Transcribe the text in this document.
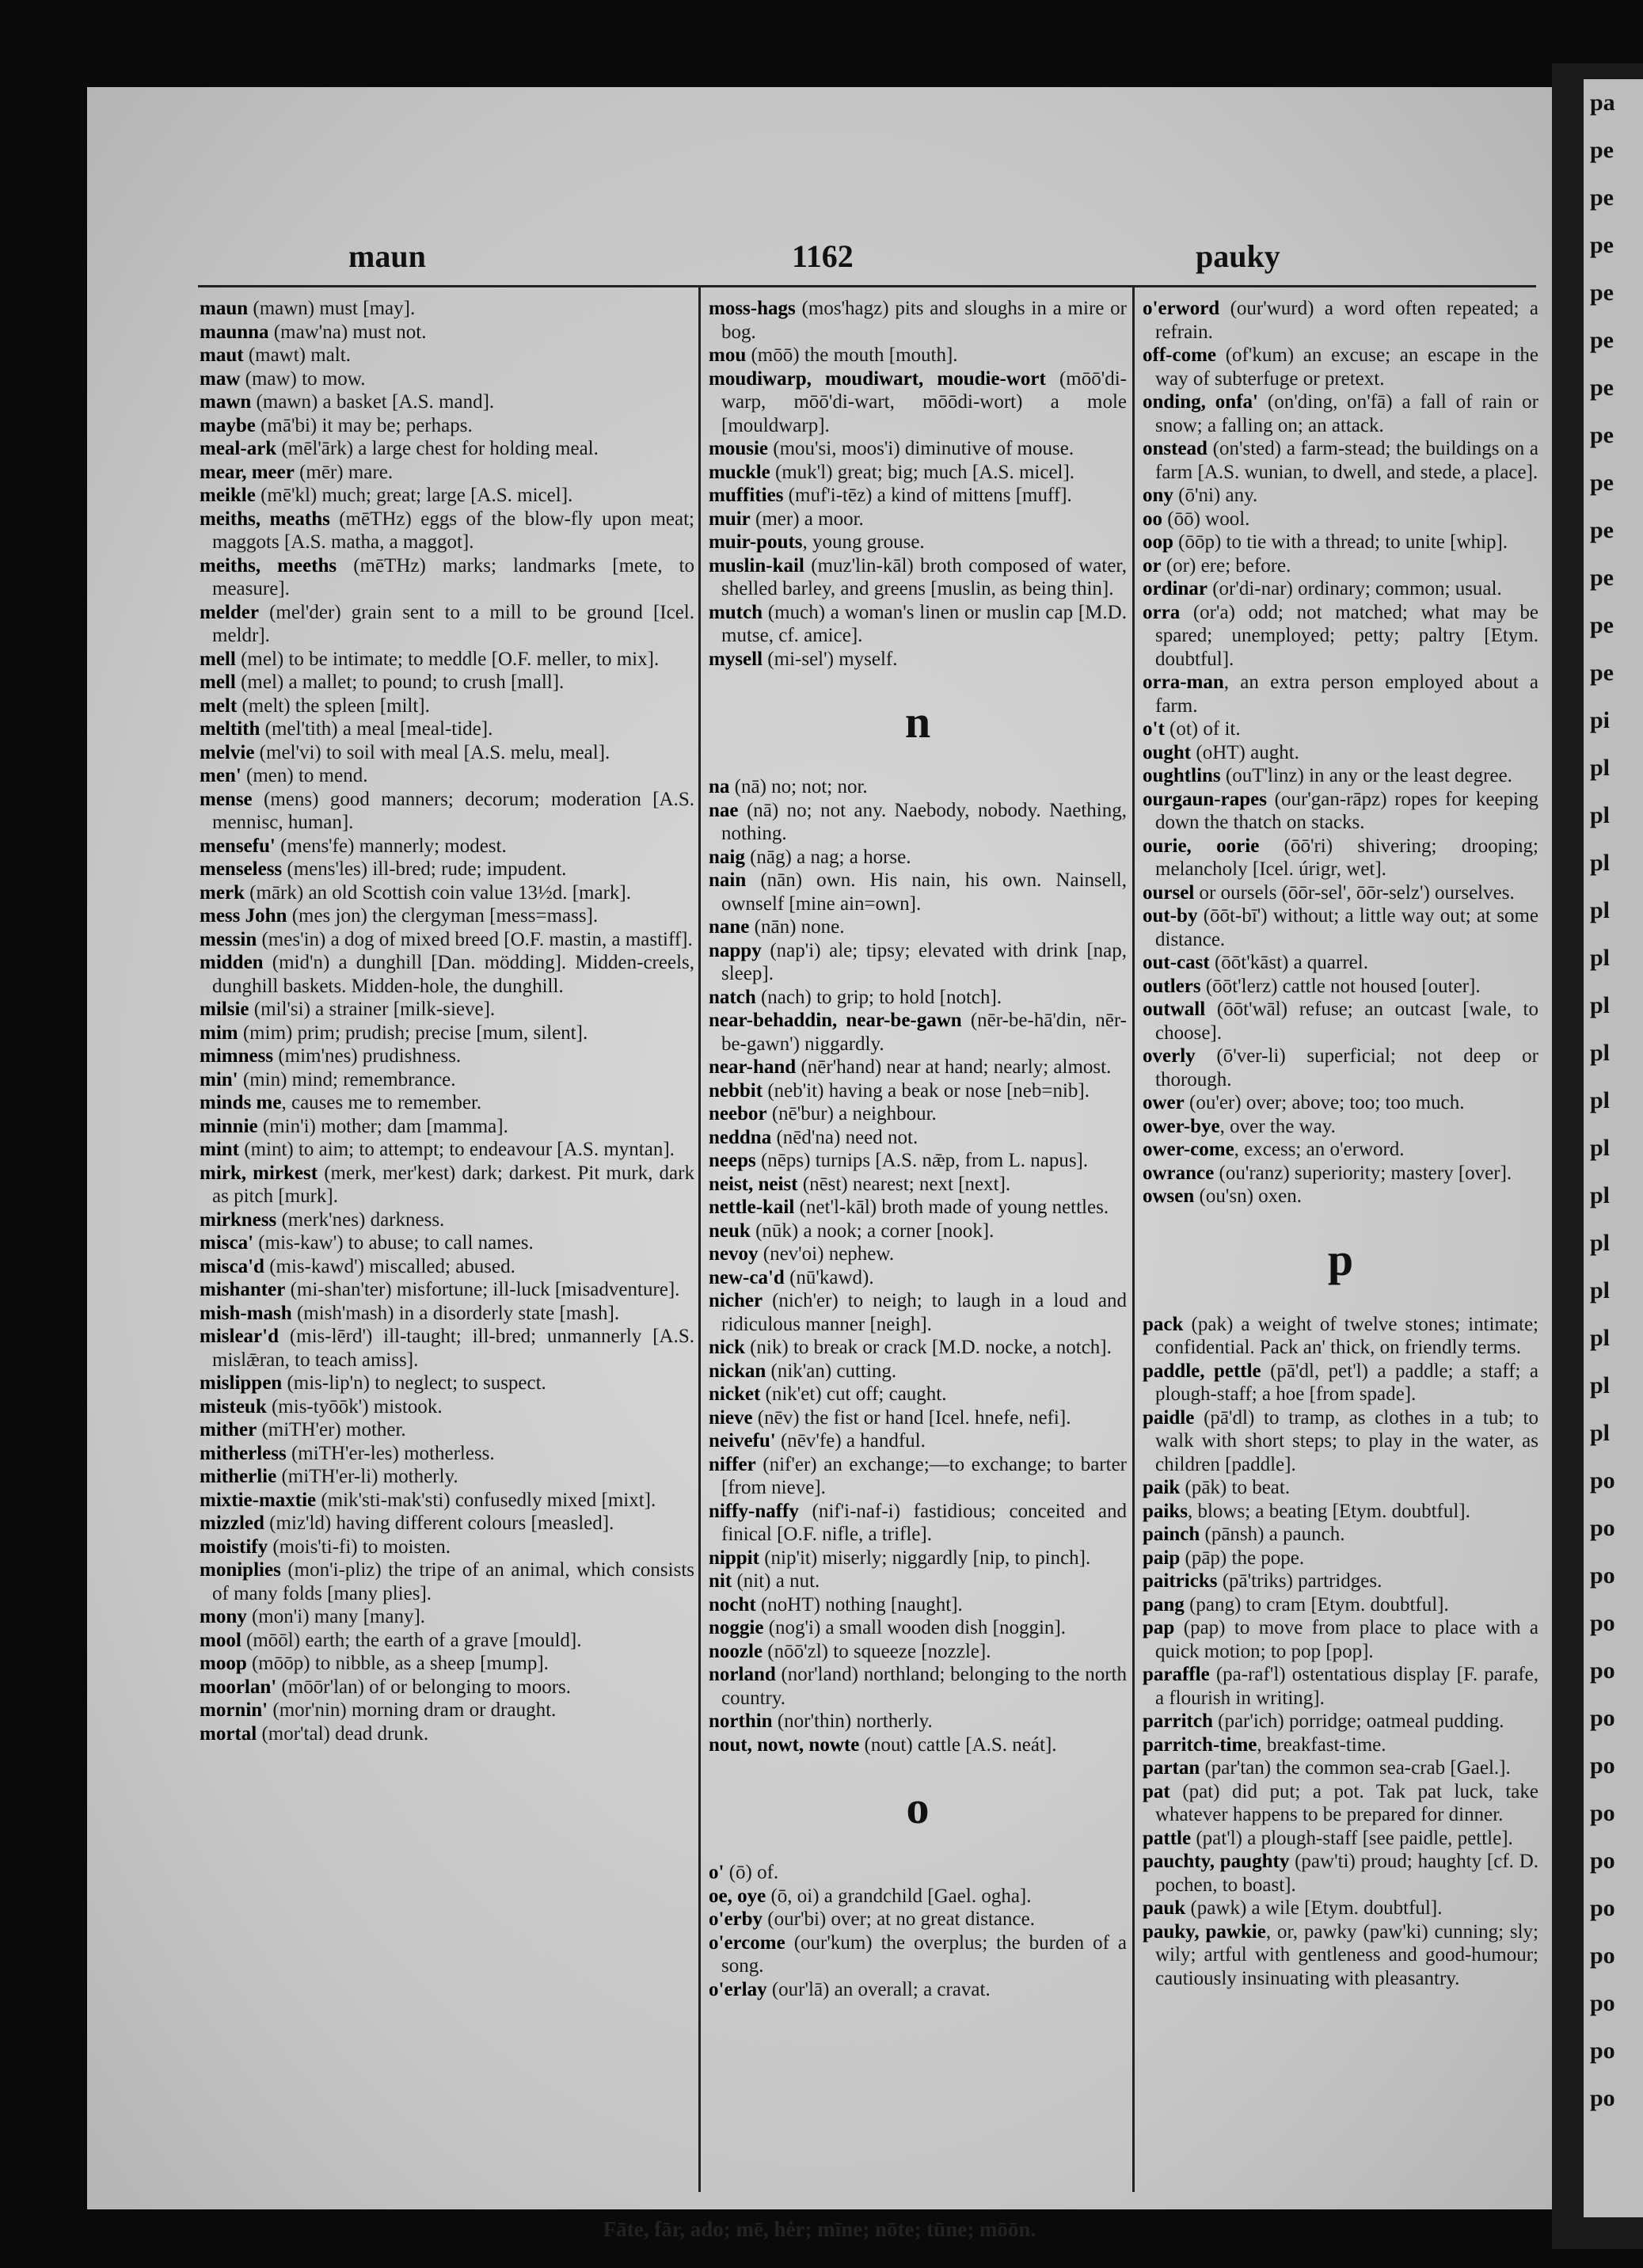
pa
pe
pe
pe
pe
pe
pe
pe
pe
pe
pe
pe
pe
pi
pl
pl
pl
pl
pl
pl
pl
pl
pl
pl
pl
pl
pl
pl
pl
po
po
po
po
po
po
po
po
po
po
po
po
po
po
maun	1162	pauky
maun (mawn) must [may].
maunna (maw'na) must not.
maut (mawt) malt.
maw (maw) to mow.
mawn (mawn) a basket [A.S. mand].
maybe (mā'bi) it may be; perhaps.
meal-ark (mēl'ārk) a large chest for holding meal.
mear, meer (mēr) mare.
meikle (mē'kl) much; great; large [A.S. micel].
meiths, meaths (mēTHz) eggs of the blow-fly upon meat; maggots [A.S. matha, a maggot].
meiths, meeths (mēTHz) marks; landmarks [mete, to measure].
melder (mel'der) grain sent to a mill to be ground [Icel. meldr].
mell (mel) to be intimate; to meddle [O.F. meller, to mix].
mell (mel) a mallet; to pound; to crush [mall].
melt (melt) the spleen [milt].
meltith (mel'tith) a meal [meal-tide].
melvie (mel'vi) to soil with meal [A.S. melu, meal].
men' (men) to mend.
mense (mens) good manners; decorum; moderation [A.S. mennisc, human].
mensefu' (mens'fe) mannerly; modest.
menseless (mens'les) ill-bred; rude; impudent.
merk (mārk) an old Scottish coin value 13½d. [mark].
mess John (mes jon) the clergyman [mess=mass].
messin (mes'in) a dog of mixed breed [O.F. mastin, a mastiff].
midden (mid'n) a dunghill [Dan. mödding]. Midden-creels, dunghill baskets. Midden-hole, the dunghill.
milsie (mil'si) a strainer [milk-sieve].
mim (mim) prim; prudish; precise [mum, silent].
mimness (mim'nes) prudishness.
min' (min) mind; remembrance.
minds me, causes me to remember.
minnie (min'i) mother; dam [mamma].
mint (mint) to aim; to attempt; to endeavour [A.S. myntan].
mirk, mirkest (merk, mer'kest) dark; darkest. Pit murk, dark as pitch [murk].
mirkness (merk'nes) darkness.
misca' (mis-kaw') to abuse; to call names.
misca'd (mis-kawd') miscalled; abused.
mishanter (mi-shan'ter) misfortune; ill-luck [misadventure].
mish-mash (mish'mash) in a disorderly state [mash].
mislear'd (mis-lērd') ill-taught; ill-bred; unmannerly [A.S. mislǣran, to teach amiss].
mislippen (mis-lip'n) to neglect; to suspect.
misteuk (mis-tyōōk') mistook.
mither (miTH'er) mother.
mitherless (miTH'er-les) motherless.
mitherlie (miTH'er-li) motherly.
mixtie-maxtie (mik'sti-mak'sti) confusedly mixed [mixt].
mizzled (miz'ld) having different colours [measled].
moistify (mois'ti-fi) to moisten.
moniplies (mon'i-pliz) the tripe of an animal, which consists of many folds [many plies].
mony (mon'i) many [many].
mool (mōōl) earth; the earth of a grave [mould].
moop (mōōp) to nibble, as a sheep [mump].
moorlan' (mōōr'lan) of or belonging to moors.
mornin' (mor'nin) morning dram or draught.
mortal (mor'tal) dead drunk.
moss-hags (mos'hagz) pits and sloughs in a mire or bog.
mou (mōō) the mouth [mouth].
moudiwarp, moudiwart, moudie-wort (mōō'di-warp, mōō'di-wart, mōōdi-wort) a mole [mouldwarp].
mousie (mou'si, moos'i) diminutive of mouse.
muckle (muk'l) great; big; much [A.S. micel].
muffities (muf'i-tēz) a kind of mittens [muff].
muir (mer) a moor.
muir-pouts, young grouse.
muslin-kail (muz'lin-kāl) broth composed of water, shelled barley, and greens [muslin, as being thin].
mutch (much) a woman's linen or muslin cap [M.D. mutse, cf. amice].
mysell (mi-sel') myself.
n
na (nā) no; not; nor.
nae (nā) no; not any. Naebody, nobody. Naething, nothing.
naig (nāg) a nag; a horse.
nain (nān) own. His nain, his own. Nainsell, ownself [mine ain=own].
nane (nān) none.
nappy (nap'i) ale; tipsy; elevated with drink [nap, sleep].
natch (nach) to grip; to hold [notch].
near-behaddin, near-be-gawn (nēr-be-hā'din, nēr-be-gawn') niggardly.
near-hand (nēr'hand) near at hand; nearly; almost.
nebbit (neb'it) having a beak or nose [neb=nib].
neebor (nē'bur) a neighbour.
neddna (nēd'na) need not.
neeps (nēps) turnips [A.S. nǣp, from L. napus].
neist, neist (nēst) nearest; next [next].
nettle-kail (net'l-kāl) broth made of young nettles.
neuk (nūk) a nook; a corner [nook].
nevoy (nev'oi) nephew.
new-ca'd (nū'kawd).
nicher (nich'er) to neigh; to laugh in a loud and ridiculous manner [neigh].
nick (nik) to break or crack [M.D. nocke, a notch].
nickan (nik'an) cutting.
nicket (nik'et) cut off; caught.
nieve (nēv) the fist or hand [Icel. hnefe, nefi].
neivefu' (nēv'fe) a handful.
niffer (nif'er) an exchange;—to exchange; to barter [from nieve].
niffy-naffy (nif'i-naf-i) fastidious; conceited and finical [O.F. nifle, a trifle].
nippit (nip'it) miserly; niggardly [nip, to pinch].
nit (nit) a nut.
nocht (noHT) nothing [naught].
noggie (nog'i) a small wooden dish [noggin].
noozle (nōō'zl) to squeeze [nozzle].
norland (nor'land) northland; belonging to the north country.
northin (nor'thin) northerly.
nout, nowt, nowte (nout) cattle [A.S. neát].
o
o' (ō) of.
oe, oye (ō, oi) a grandchild [Gael. ogha].
o'erby (our'bi) over; at no great distance.
o'ercome (our'kum) the overplus; the burden of a song.
o'erlay (our'lā) an overall; a cravat.
o'erword (our'wurd) a word often repeated; a refrain.
off-come (of'kum) an excuse; an escape in the way of subterfuge or pretext.
onding, onfa' (on'ding, on'fā) a fall of rain or snow; a falling on; an attack.
onstead (on'sted) a farm-stead; the buildings on a farm [A.S. wunian, to dwell, and stede, a place].
ony (ō'ni) any.
oo (ōō) wool.
oop (ōōp) to tie with a thread; to unite [whip].
or (or) ere; before.
ordinar (or'di-nar) ordinary; common; usual.
orra (or'a) odd; not matched; what may be spared; unemployed; petty; paltry [Etym. doubtful].
orra-man, an extra person employed about a farm.
o't (ot) of it.
ought (oHT) aught.
oughtlins (ouT'linz) in any or the least degree.
ourgaun-rapes (our'gan-rāpz) ropes for keeping down the thatch on stacks.
ourie, oorie (ōō'ri) shivering; drooping; melancholy [Icel. úrigr, wet].
oursel or oursels (ōōr-sel', ōōr-selz') ourselves.
out-by (ōōt-bī') without; a little way out; at some distance.
out-cast (ōōt'kāst) a quarrel.
outlers (ōōt'lerz) cattle not housed [outer].
outwall (ōōt'wāl) refuse; an outcast [wale, to choose].
overly (ō'ver-li) superficial; not deep or thorough.
ower (ou'er) over; above; too; too much.
ower-bye, over the way.
ower-come, excess; an o'erword.
owrance (ou'ranz) superiority; mastery [over].
owsen (ou'sn) oxen.
p
pack (pak) a weight of twelve stones; intimate; confidential. Pack an' thick, on friendly terms.
paddle, pettle (pā'dl, pet'l) a paddle; a staff; a plough-staff; a hoe [from spade].
paidle (pā'dl) to tramp, as clothes in a tub; to walk with short steps; to play in the water, as children [paddle].
paik (pāk) to beat.
paiks, blows; a beating [Etym. doubtful].
painch (pānsh) a paunch.
paip (pāp) the pope.
paitricks (pā'triks) partridges.
pang (pang) to cram [Etym. doubtful].
pap (pap) to move from place to place with a quick motion; to pop [pop].
paraffle (pa-raf'l) ostentatious display [F. parafe, a flourish in writing].
parritch (par'ich) porridge; oatmeal pudding.
parritch-time, breakfast-time.
partan (par'tan) the common sea-crab [Gael.].
pat (pat) did put; a pot. Tak pat luck, take whatever happens to be prepared for dinner.
pattle (pat'l) a plough-staff [see paidle, pettle].
pauchty, paughty (paw'ti) proud; haughty [cf. D. pochen, to boast].
pauk (pawk) a wile [Etym. doubtful].
pauky, pawkie, or, pawky (paw'ki) cunning; sly; wily; artful with gentleness and good-humour; cautiously insinuating with pleasantry.
Fāte, fār, ado; mē, hėr; mīne; nōte; tūne; mōōn.
